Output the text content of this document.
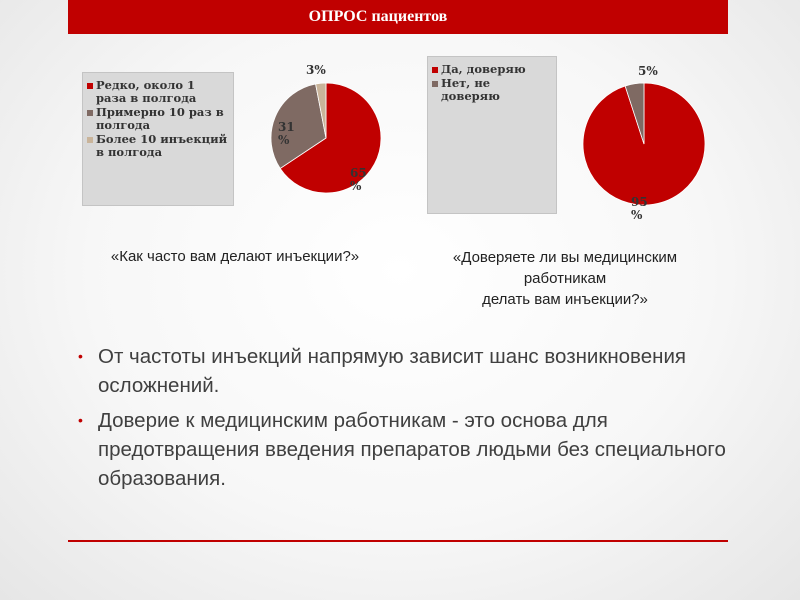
ОПРОС пациентов
Редко, около 1 раза в полгода
Примерно 10 раз в полгода
Более 10 инъекций в полгода
Да, доверяю
Нет, не доверяю
3%
31 %
65 %
5%
95 %
«Как часто вам делают инъекции?»	«Доверяете ли вы медицинским работникам
делать вам инъекции?»
• От частоты инъекций напрямую зависит шанс возникновения осложнений.
• Доверие к медицинским работникам - это основа для предотвращения введения препаратов людьми без специального образования.
